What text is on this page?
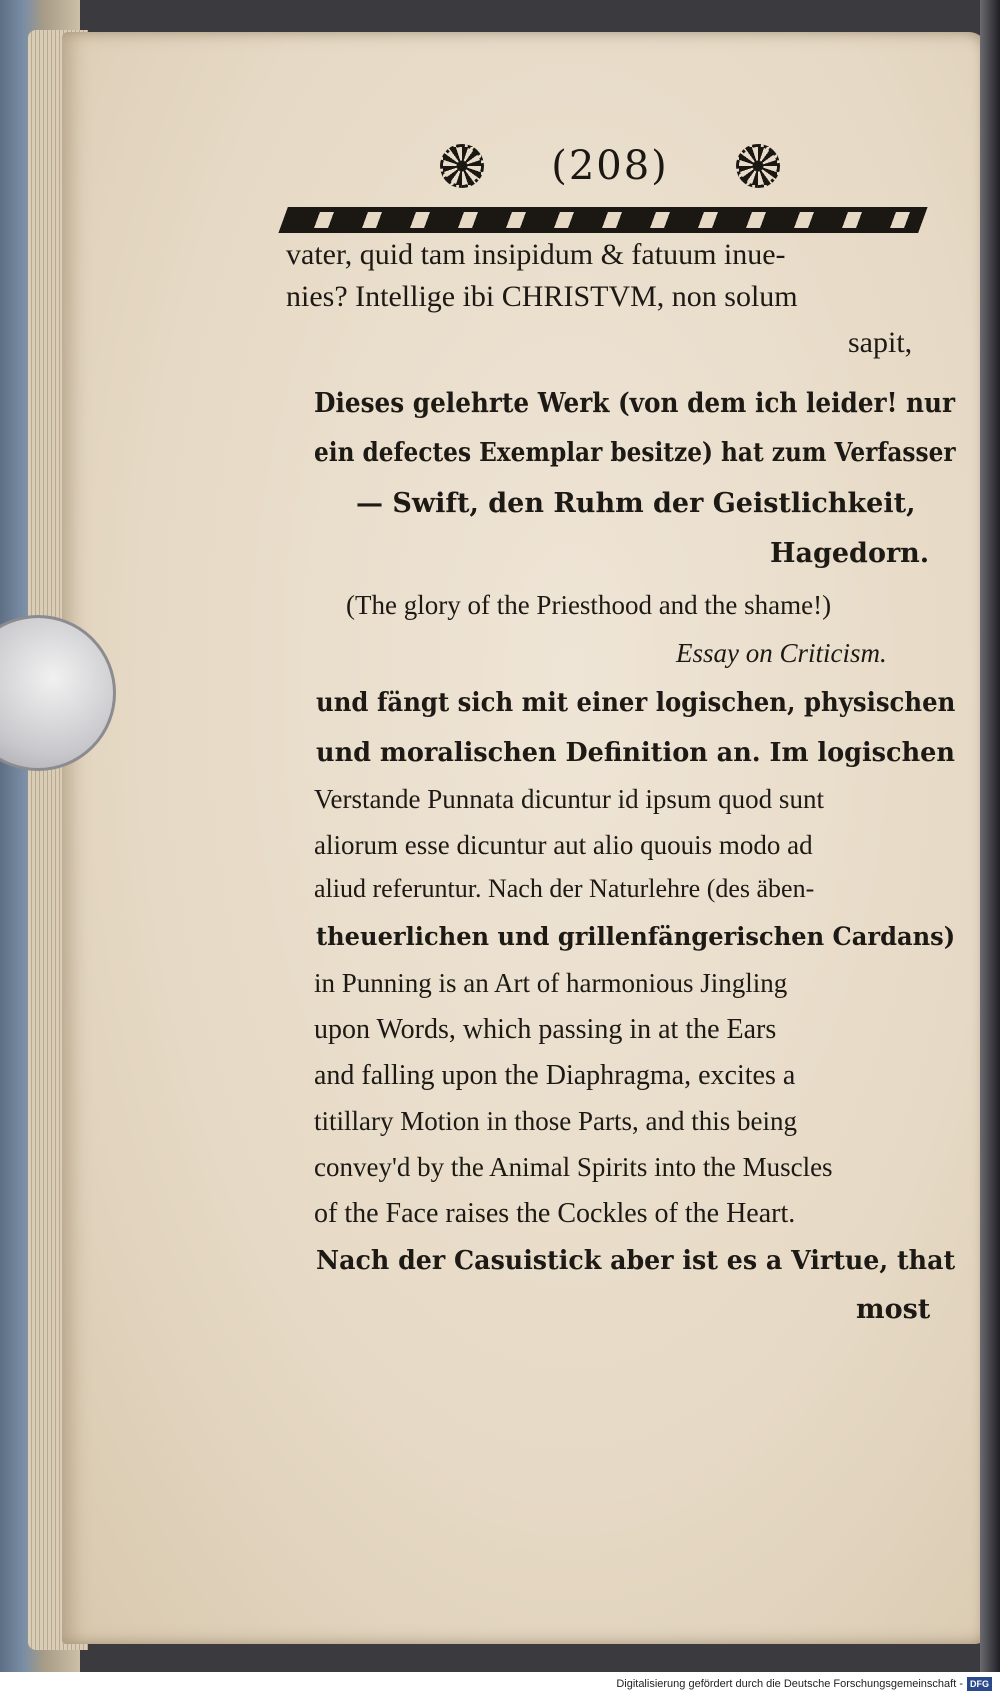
(208)
vater, quid tam insipidum & fatuum inue-
nies? Intellige ibi CHRISTVM, non solum
sapit,
Dieses gelehrte Werk (von dem ich leider! nur
ein defectes Exemplar besitze) hat zum Verfasser
— Swift, den Ruhm der Geistlichkeit,
Hagedorn.
(The glory of the Priesthood and the shame!)
Essay on Criticism.
und fängt sich mit einer logischen, physischen
und moralischen Definition an. Im logischen
Verstande Punnata dicuntur id ipsum quod sunt
aliorum esse dicuntur aut alio quouis modo ad
aliud referuntur. Nach der Naturlehre (des äben-
theuerlichen und grillenfängerischen Cardans)
in Punning is an Art of harmonious Jingling
upon Words, which passing in at the Ears
and falling upon the Diaphragma, excites a
titillary Motion in those Parts, and this being
convey'd by the Animal Spirits into the Muscles
of the Face raises the Cockles of the Heart.
Nach der Casuistick aber ist es a Virtue, that
most
Digitalisierung gefördert durch die Deutsche Forschungsgemeinschaft - DFG
